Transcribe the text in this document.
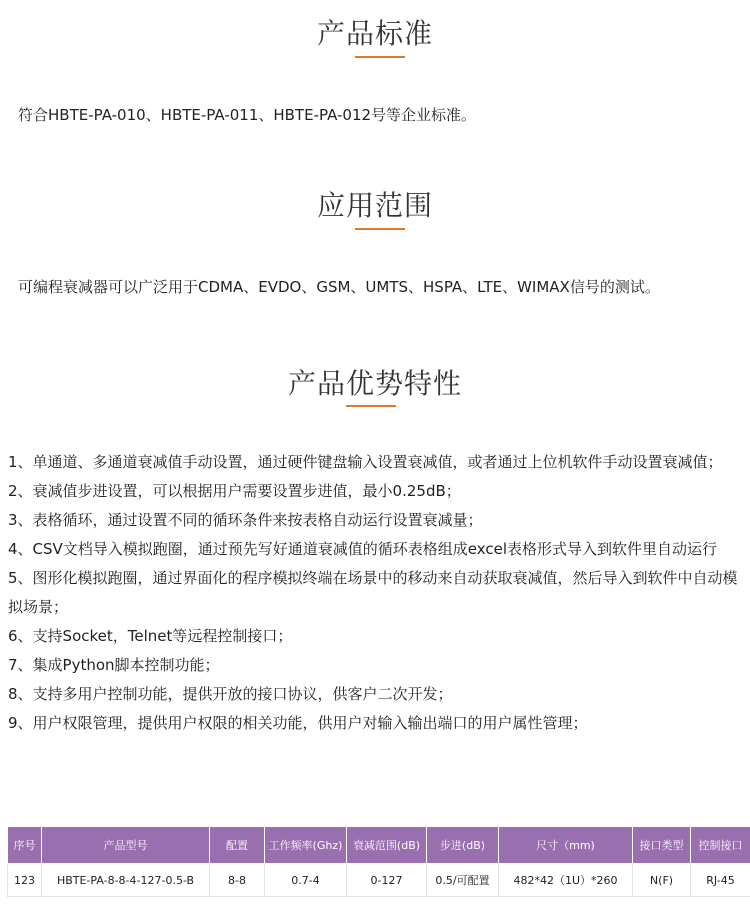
产品标准
符合HBTE-PA-010、HBTE-PA-011、HBTE-PA-012号等企业标准。
应用范围
可编程衰减器可以广泛用于CDMA、EVDO、GSM、UMTS、HSPA、LTE、WIMAX信号的测试。
产品优势特性
1、单通道、多通道衰减值手动设置，通过硬件键盘输入设置衰减值，或者通过上位机软件手动设置衰减值；
2、衰减值步进设置，可以根据用户需要设置步进值，最小0.25dB；
3、表格循环，通过设置不同的循环条件来按表格自动运行设置衰减量；
4、CSV文档导入模拟跑圈，通过预先写好通道衰减值的循环表格组成excel表格形式导入到软件里自动运行
5、图形化模拟跑圈，通过界面化的程序模拟终端在场景中的移动来自动获取衰减值，然后导入到软件中自动模拟场景；
6、支持Socket，Telnet等远程控制接口；
7、集成Python脚本控制功能；
8、支持多用户控制功能，提供开放的接口协议，供客户二次开发；
9、用户权限管理，提供用户权限的相关功能，供用户对输入输出端口的用户属性管理；
序号	产品型号	配置	工作频率(Ghz)	衰减范围(dB)	步进(dB)	尺寸（mm)	接口类型	控制接口
123	HBTE-PA-8-8-4-127-0.5-B	8-8	0.7-4	0-127	0.5/可配置	482*42（1U）*260	N(F)	RJ-45
